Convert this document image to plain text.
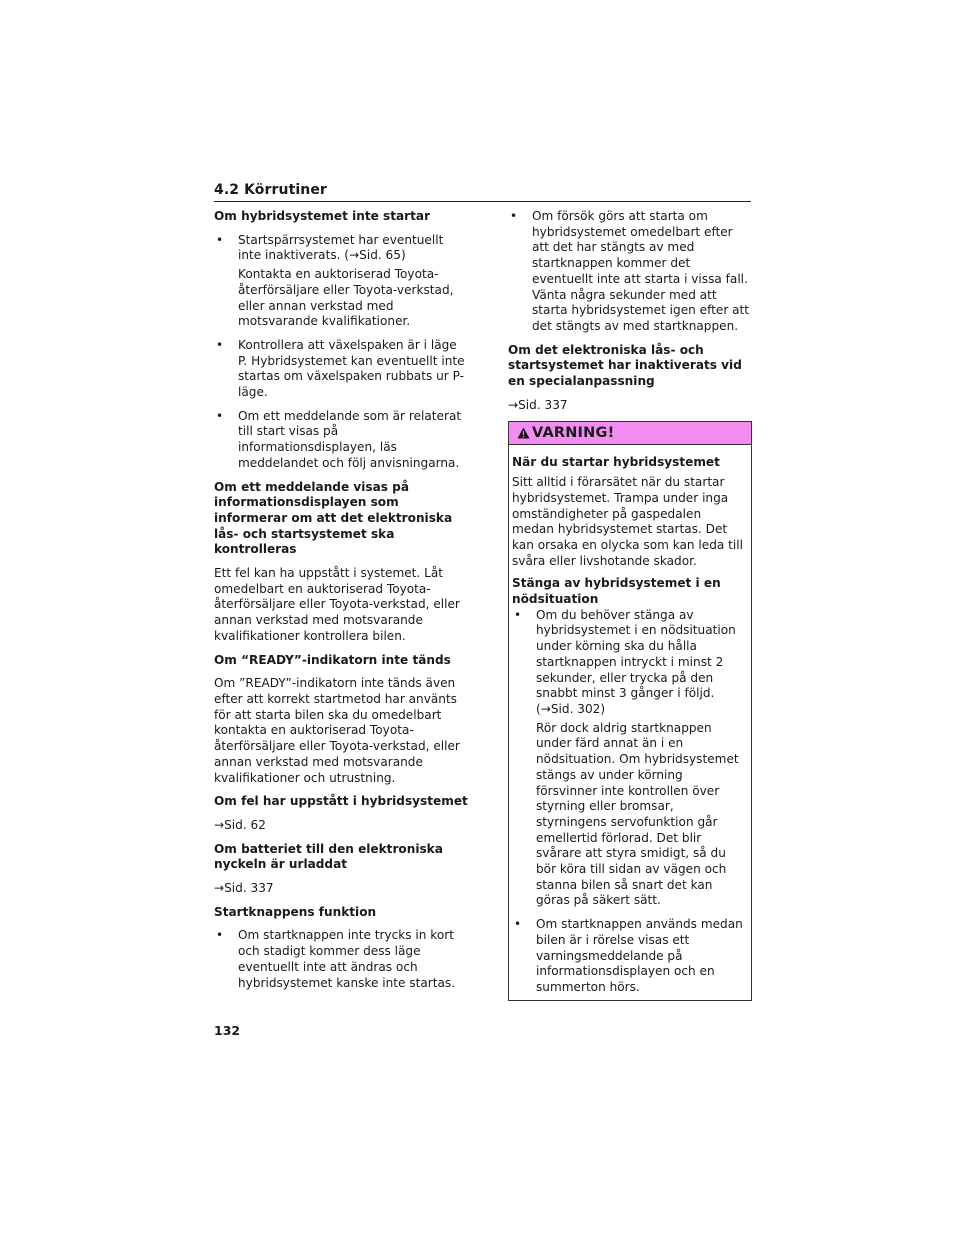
4.2 Körrutiner
Om hybridsystemet inte startar

• Startspärrsystemet har eventuellt inte inaktiverats. (→Sid. 65)

Kontakta en auktoriserad Toyota-återförsäljare eller Toyota-verkstad, eller annan verkstad med motsvarande kvalifikationer.

• Kontrollera att växelspaken är i läge P. Hybridsystemet kan eventuellt inte startas om växelspaken rubbats ur P-läge.

• Om ett meddelande som är relaterat till start visas på informationsdisplayen, läs meddelandet och följ anvisningarna.

Om ett meddelande visas på informationsdisplayen som informerar om att det elektroniska lås- och startsystemet ska kontrolleras

Ett fel kan ha uppstått i systemet. Låt omedelbart en auktoriserad Toyota-återförsäljare eller Toyota-verkstad, eller annan verkstad med motsvarande kvalifikationer kontrollera bilen.

Om “READY”-indikatorn inte tänds

Om ”READY”-indikatorn inte tänds även efter att korrekt startmetod har använts för att starta bilen ska du omedelbart kontakta en auktoriserad Toyota-återförsäljare eller Toyota-verkstad, eller annan verkstad med motsvarande kvalifikationer och utrustning.

Om fel har uppstått i hybridsystemet

→Sid. 62

Om batteriet till den elektroniska nyckeln är urladdat

→Sid. 337

Startknappens funktion

• Om startknappen inte trycks in kort och stadigt kommer dess läge eventuellt inte att ändras och hybridsystemet kanske inte startas.

• Om försök görs att starta om hybridsystemet omedelbart efter att det har stängts av med startknappen kommer det eventuellt inte att starta i vissa fall. Vänta några sekunder med att starta hybridsystemet igen efter att det stängts av med startknappen.

Om det elektroniska lås- och startsystemet har inaktiverats vid en specialanpassning

→Sid. 337

VARNING!
När du startar hybridsystemet

Sitt alltid i förarsätet när du startar hybridsystemet. Trampa under inga omständigheter på gaspedalen medan hybridsystemet startas. Det kan orsaka en olycka som kan leda till svåra eller livshotande skador.

Stänga av hybridsystemet i en nödsituation

• Om du behöver stänga av hybridsystemet i en nödsituation under körning ska du hålla startknappen intryckt i minst 2 sekunder, eller trycka på den snabbt minst 3 gånger i följd. (→Sid. 302)

Rör dock aldrig startknappen under färd annat än i en nödsituation. Om hybridsystemet stängs av under körning försvinner inte kontrollen över styrning eller bromsar, styrningens servofunktion går emellertid förlorad. Det blir svårare att styra smidigt, så du bör köra till sidan av vägen och stanna bilen så snart det kan göras på säkert sätt.

• Om startknappen används medan bilen är i rörelse visas ett varningsmeddelande på informationsdisplayen och en summerton hörs.

132
